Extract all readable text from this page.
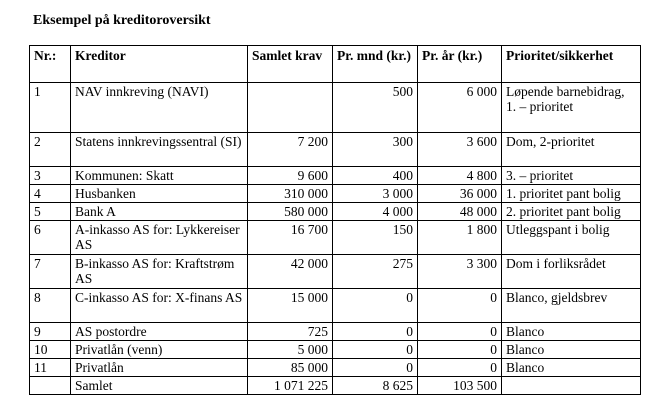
Eksempel på kreditoroversikt
Nr.:	Kreditor	Samlet krav	Pr. mnd (kr.)	Pr. år (kr.)	Prioritet/sikkerhet
1	NAV innkreving (NAVI)		500	6 000	Løpende barnebidrag, 1. – prioritet
2	Statens innkrevingssentral (SI)	7 200	300	3 600	Dom, 2-prioritet
3	Kommunen: Skatt	9 600	400	4 800	3. – prioritet
4	Husbanken	310 000	3 000	36 000	1. prioritet pant bolig
5	Bank A	580 000	4 000	48 000	2. prioritet pant bolig
6	A-inkasso AS for: Lykkereiser AS	16 700	150	1 800	Utleggspant i bolig
7	B-inkasso AS for: Kraftstrøm AS	42 000	275	3 300	Dom i forliksrådet
8	C-inkasso AS for: X-finans AS	15 000	0	0	Blanco, gjeldsbrev
9	AS postordre	725	0	0	Blanco
10	Privatlån (venn)	5 000	0	0	Blanco
11	Privatlån	85 000	0	0	Blanco
	Samlet	1 071 225	8 625	103 500	
